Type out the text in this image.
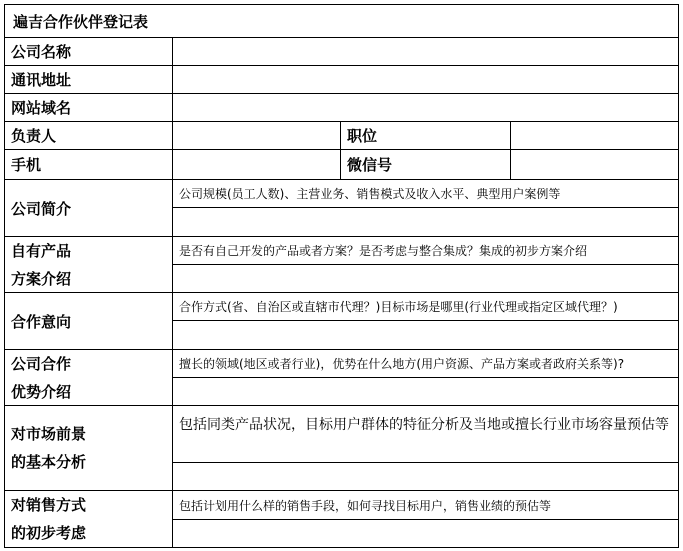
遍吉合作伙伴登记表
公司名称
通讯地址
网站域名
负责人	职位
手机	微信号
公司简介
公司规模(员工人数)、主营业务、销售模式及收入水平、典型用户案例等
自有产品
方案介绍
是否有自己开发的产品或者方案？是否考虑与整合集成？集成的初步方案介绍
合作意向
合作方式(省、自治区或直辖市代理？)目标市场是哪里(行业代理或指定区域代理？)
公司合作
优势介绍
擅长的领域(地区或者行业)，优势在什么地方(用户资源、产品方案或者政府关系等)?
对市场前景
的基本分析
包括同类产品状况，目标用户群体的特征分析及当地或擅长行业市场容量预估等
对销售方式
的初步考虑
包括计划用什么样的销售手段，如何寻找目标用户，销售业绩的预估等
